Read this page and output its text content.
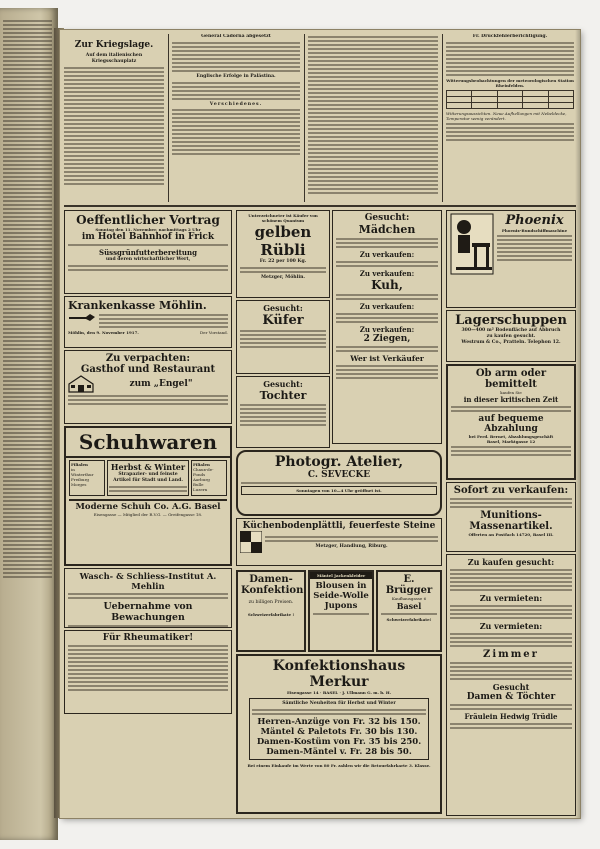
Zur Kriegslage.
Auf dem italienischen Kriegsschauplatz
General Cadorna abgesetzt
Englische Erfolge in Palästina.
Verschiedenes.
Fr. Druckfehlerberichtigung.
Witterungsbeobachtungen der meteorologischen Station Rheinfelden.

Witterungsaussichten. Neue Aufhellungen mit Nebeldecke, Temperatur wenig verändert.
Oeffentlicher Vortrag
Sonntag den 11. November, nachmittags 2 Uhr
im Hotel Bahnhof in Frick
Süssgrünfutterbereitung
und deren wirtschaftlicher Wert,
Krankenkasse Möhlin.
Möhlin, den 9. November 1917.	Der Vorstand.
Zu verpachten:
Gasthof und Restaurant
zum „Engel"
Schuhwaren
Filialen
in
Winterthur
Freiburg
Morges
Herbst & Winter
Strapazier- und feinste Artikel für Stadt und Land.
Filialen
Chaux-de-
Fonds
Aarburg
Bulle
Luzern
Moderne Schuh Co. A.G. Basel
Eisengasse — Mitglied der R.V.G. — Greifengasse 18.
Wasch- & Schliess-Institut A. Mehlin
Uebernahme von Bewachungen
Für Rheumatiker!
Unterzeichneter ist Käufer von schönem Quantum
gelben Rübli
Fr. 22 per 100 Kg.
Metzger, Möhlin.
Gesucht:
Küfer
Gesucht:
Tochter
Gesucht:
Mädchen
Zu verkaufen:
Zu verkaufen:
Kuh,
Zu verkaufen:
Zu verkaufen:
2 Ziegen,
Wer ist Verkäufer
Phoenix
Phoenix-Rundschiffmaschine
Lagerschuppen
300—400 m² Bodenfläche auf Abbruch
zu kaufen gesucht.
Westrum & Co., Pratteln. Telephon 12.
Ob arm oder bemittelt
kaufen Sie
in dieser kritischen Zeit
auf bequeme Abzahlung
bei Ferd. Bernet, Abzahlungsgeschäft
Basel, Marktgasse 12
Sofort zu verkaufen:
Munitions-Massenartikel.
Offerten an Postfach 14720, Basel III.
Zu kaufen gesucht:
Zu vermieten:
Zu vermieten:
Zimmer
Gesucht
Damen & Töchter
Fräulein Hedwig Trüdle
Photogr. Atelier,
C. SEVECKE
Sonntagen von 10—4 Uhr geöffnet ist.
Küchenbodenplättli, feuerfeste Steine
Metzger, Handlung, Riburg.
Damen-Konfektion
zu billigen Preisen.
Schweizerfabrikate !
Mäntel Jackenkleider
Blousen in Seide-Wolle
Jupons
E. Brügger
Kaufhausgasse 6
Basel
Schweizerfabrikate!
Konfektionshaus Merkur
Eisengasse 14 · BASEL · J. Ullmann G. m. b. H.
Sämtliche Neuheiten für Herbst und Winter
Herren-Anzüge von Fr. 32 bis 150.
Mäntel & Paletots Fr. 30 bis 130.
Damen-Kostüm von Fr. 35 bis 250.
Damen-Mäntel v. Fr. 28 bis 50.
Bei einem Einkaufe im Werte von 80 Fr. zahlen wir die Retourfahrkarte 3. Klasse.
